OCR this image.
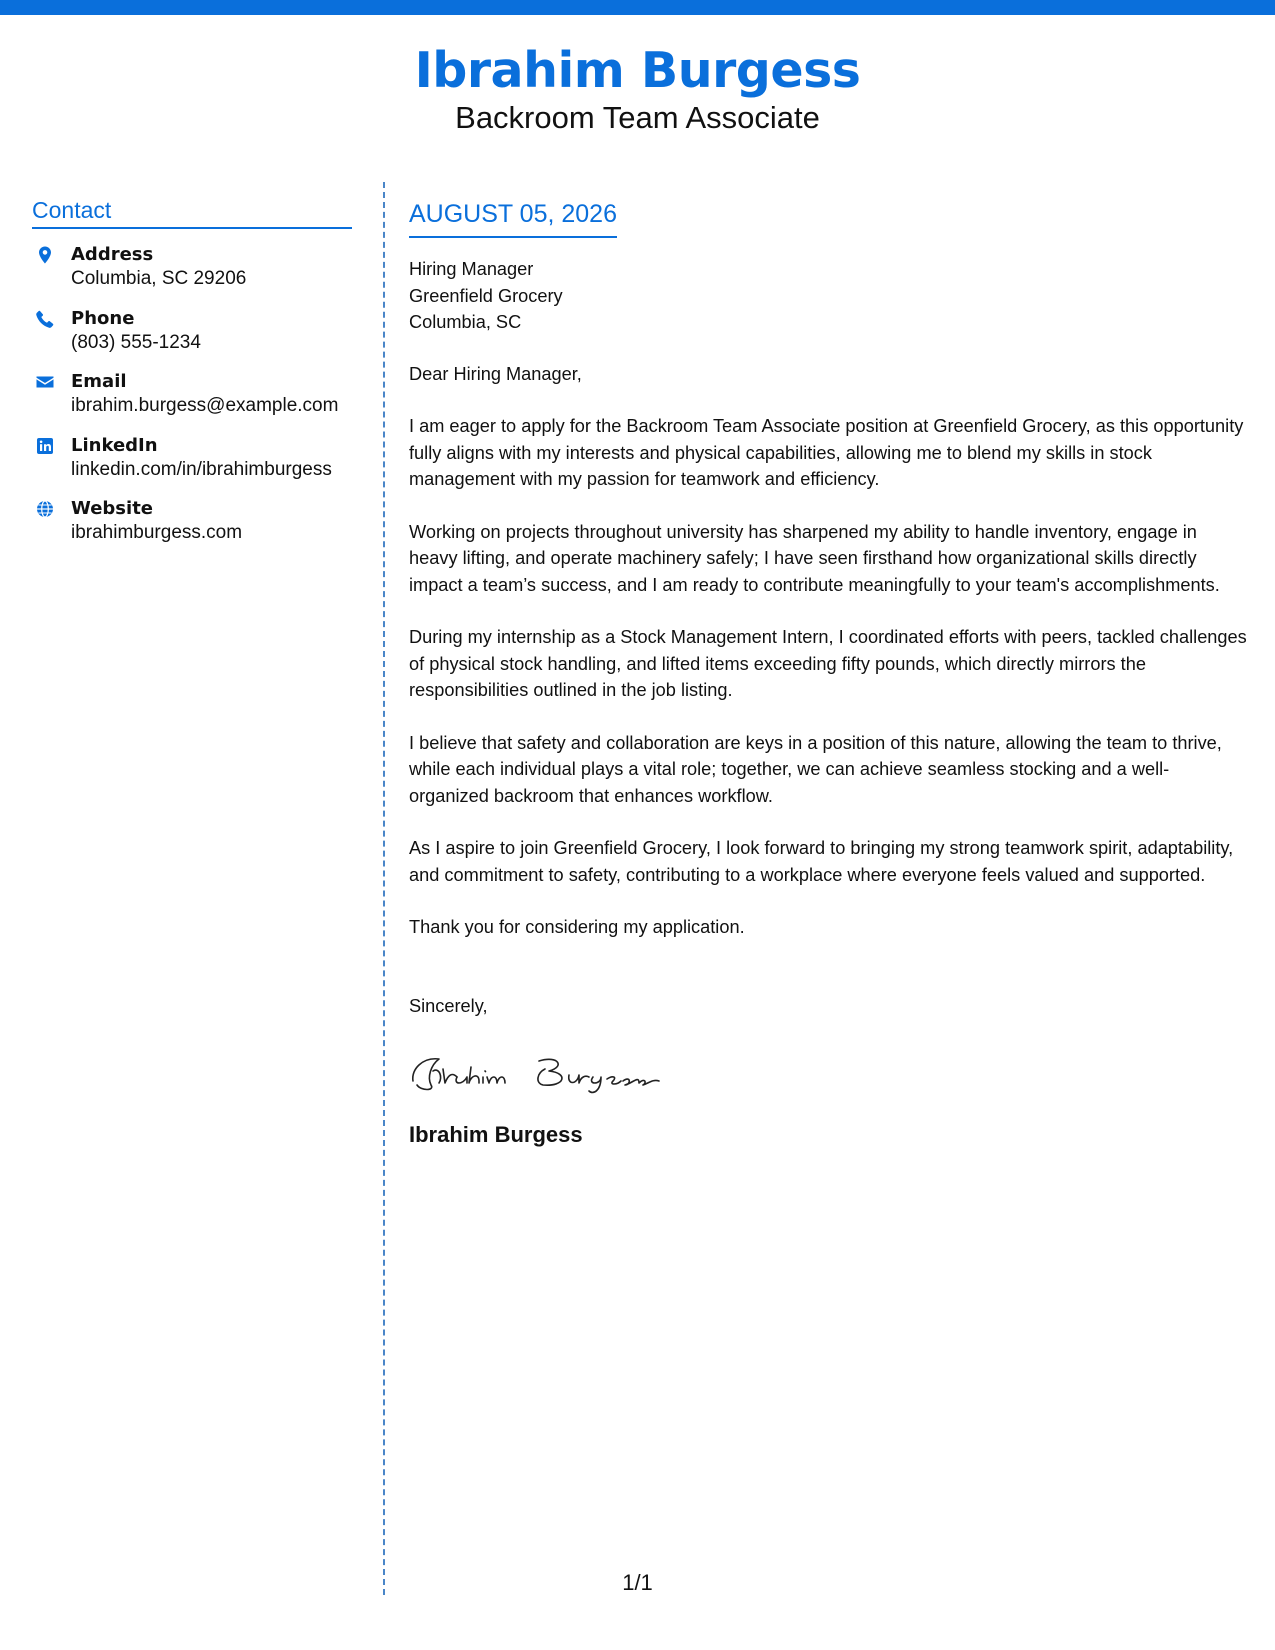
Ibrahim Burgess
Backroom Team Associate
Contact
Address
Columbia, SC 29206
Phone
(803) 555-1234
Email
ibrahim.burgess@example.com
LinkedIn
linkedin.com/in/ibrahimburgess
Website
ibrahimburgess.com
AUGUST 05, 2026
Hiring Manager
Greenfield Grocery
Columbia, SC
Dear Hiring Manager,
I am eager to apply for the Backroom Team Associate position at Greenfield Grocery, as this opportunity fully aligns with my interests and physical capabilities, allowing me to blend my skills in stock management with my passion for teamwork and efficiency.
Working on projects throughout university has sharpened my ability to handle inventory, engage in heavy lifting, and operate machinery safely; I have seen firsthand how organizational skills directly impact a team’s success, and I am ready to contribute meaningfully to your team's accomplishments.
During my internship as a Stock Management Intern, I coordinated efforts with peers, tackled challenges of physical stock handling, and lifted items exceeding fifty pounds, which directly mirrors the responsibilities outlined in the job listing.
I believe that safety and collaboration are keys in a position of this nature, allowing the team to thrive, while each individual plays a vital role; together, we can achieve seamless stocking and a well-organized backroom that enhances workflow.
As I aspire to join Greenfield Grocery, I look forward to bringing my strong teamwork spirit, adaptability, and commitment to safety, contributing to a workplace where everyone feels valued and supported.
Thank you for considering my application.
Sincerely,
Ibrahim Burgess
1/1
